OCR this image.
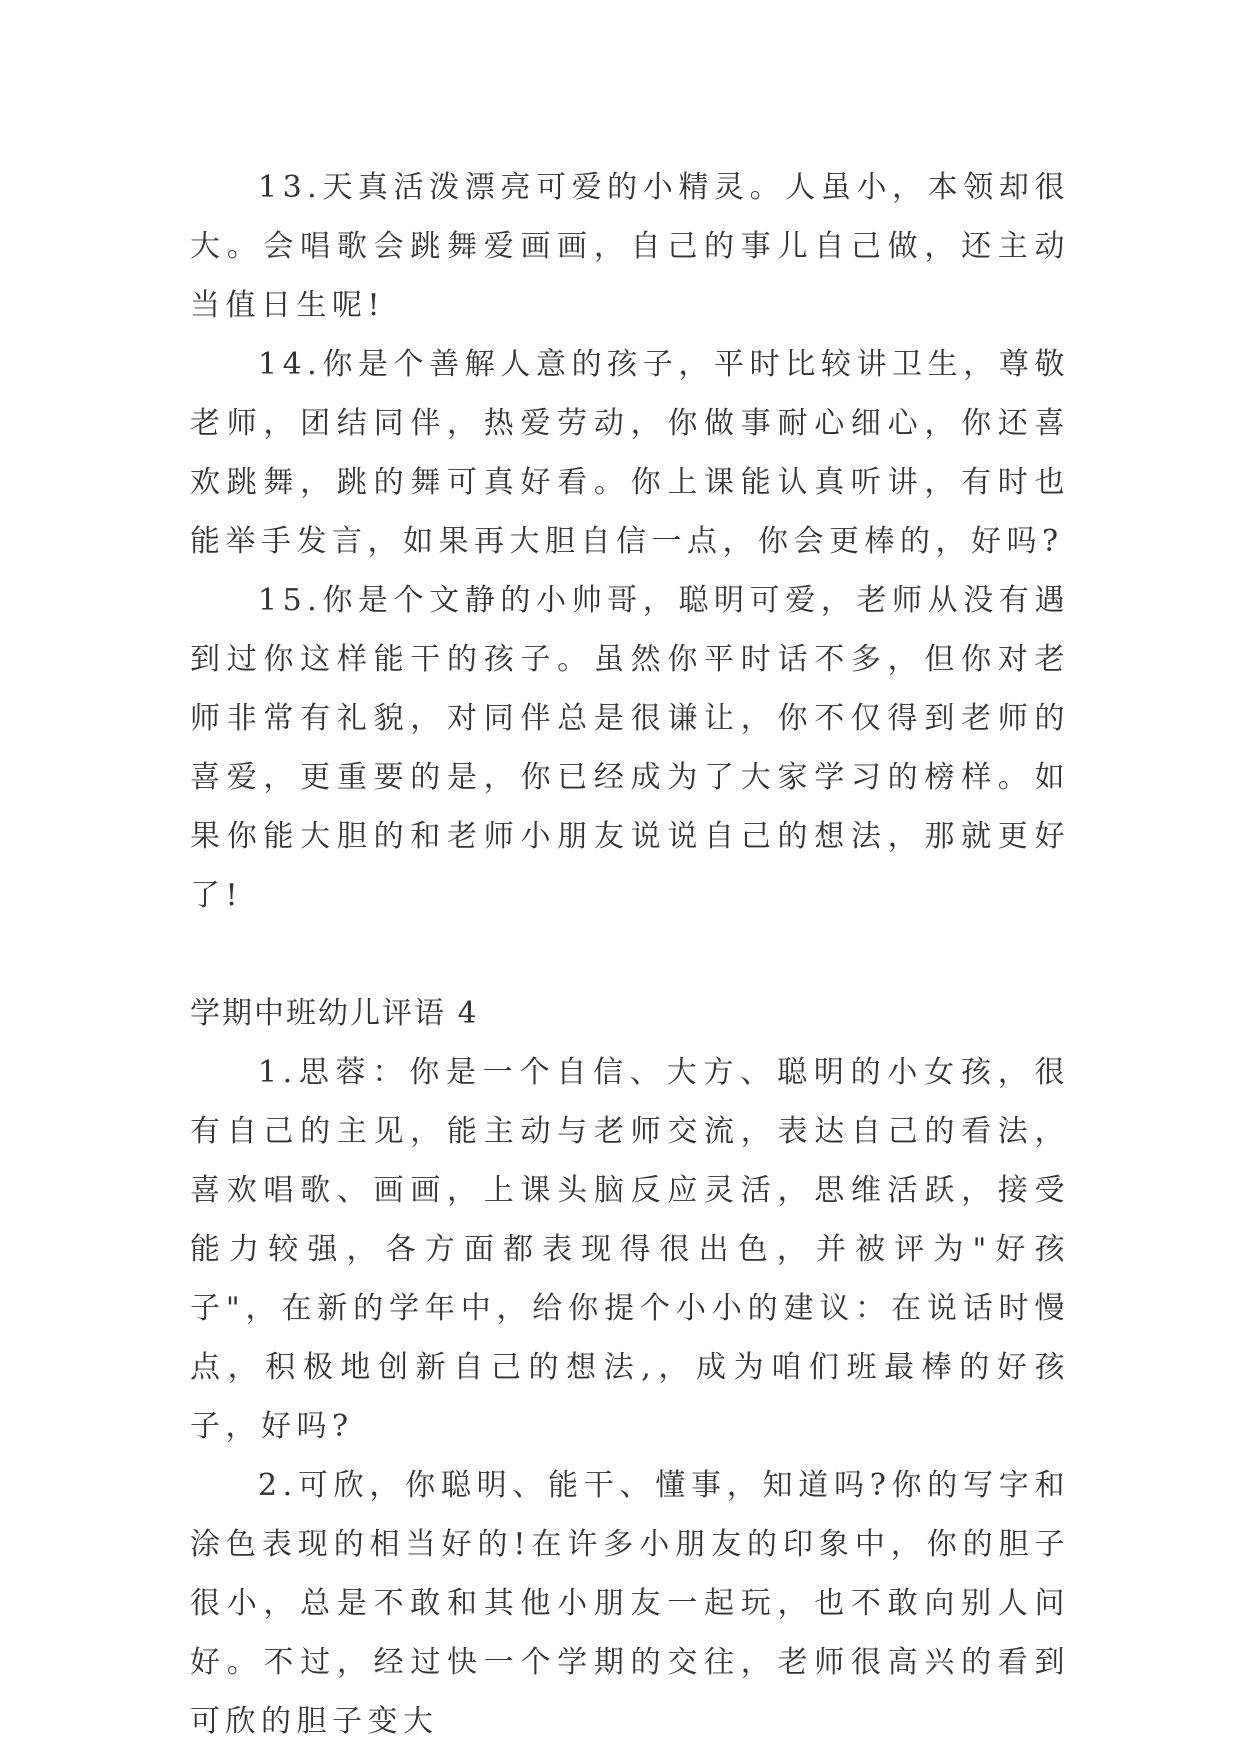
13.天真活泼漂亮可爱的小精灵。人虽小，本领却很大。会唱歌会跳舞爱画画，自己的事儿自己做，还主动当值日生呢!

14.你是个善解人意的孩子，平时比较讲卫生，尊敬老师，团结同伴，热爱劳动，你做事耐心细心，你还喜欢跳舞，跳的舞可真好看。你上课能认真听讲，有时也能举手发言，如果再大胆自信一点，你会更棒的，好吗?

15.你是个文静的小帅哥，聪明可爱，老师从没有遇到过你这样能干的孩子。虽然你平时话不多，但你对老师非常有礼貌，对同伴总是很谦让，你不仅得到老师的喜爱，更重要的是，你已经成为了大家学习的榜样。如果你能大胆的和老师小朋友说说自己的想法，那就更好了!

学期中班幼儿评语 4

1.思蓉：你是一个自信、大方、聪明的小女孩，很有自己的主见，能主动与老师交流，表达自己的看法，喜欢唱歌、画画，上课头脑反应灵活，思维活跃，接受能力较强，各方面都表现得很出色，并被评为"好孩子"，在新的学年中，给你提个小小的建议：在说话时慢点，积极地创新自己的想法,，成为咱们班最棒的好孩子，好吗?

2.可欣，你聪明、能干、懂事，知道吗?你的写字和涂色表现的相当好的!在许多小朋友的印象中，你的胆子很小，总是不敢和其他小朋友一起玩，也不敢向别人问好。不过，经过快一个学期的交往，老师很高兴的看到可欣的胆子变大
